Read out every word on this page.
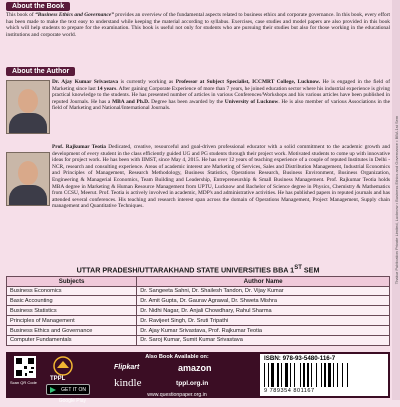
About the Book

This book of “Business Ethics and Governance” provides an overview of the fundamental aspects related to business ethics and corporate governance. In this book, every effort has been made to make the text easy to understand while keeping the material according to syllabus. Exercises, case studies and model papers are also provided in this book which will help students to prepare for the examination. This book is useful not only for students who are pursuing their studies but also for those working in the educational institutions and corporate world.

About the Author

Dr. Ajay Kumar Srivastava is currently working as Professor at Subject Specialist, ICCMRT College, Lucknow. He is engaged in the field of Marketing since last 14 years. After gaining Corporate Experience of more than 7 years, he joined education sector where his industrial experience is giving practical knowledge to the students. He has presented number of articles in various Conferences/Workshops and his various articles have been published in reputed Journals. He has a MBA and Ph.D. Degree has been awarded by the University of Lucknow. He is also member of various Associations in the field of Marketing and National/International Journals.

Prof. Rajkumar Teotia Dedicated, creative, resourceful and goal-driven professional educator with a solid commitment to the academic growth and development of every student in the class efficiently guided UG and PG students through their project work. Motivated students to come up with innovative ideas for project work. He has been with IIMST, since May 4, 2015. He has over 12 years of teaching experience of a couple of reputed Institutes in Delhi - NCR, research and consulting experience. Areas of academic interest are Marketing of Services, Sales and Distribution Management, Industrial Economics and Principles of Management, Research Methodology, Business Statistics, Operations Research, Business Environment, Business Organization, Engineering & Managerial Economics, Team Building and Leadership, Entrepreneurship & Small Business Management. Prof. Rajkumar Teotia holds MBA degree in Marketing & Human Resource Management from UPTU, Lucknow and Bachelor of Science degree in Physics, Chemistry & Mathematics from CCSU, Meerut. Prof. Teotia is actively involved in academic, MDP's and administrative activities. He has published papers in reputed journals and has attended several conferences. His teaching and research interest span across the domain of Operations Management, Project Management, Supply chain management and Quantitative Techniques.

UTTAR PRADESH/UTTARAKHAND STATE UNIVERSITIES BBA 1ST SEM
Subjects	Author Name
Business Economics	Dr. Sangeeta Sahni, Dr. Shailesh Tandon, Dr. Vijay Kumar
Basic Accounting	Dr. Amit Gupta, Dr. Gaurav Agrawal, Dr. Shweta Mishra
Business Statistics	Dr. Nidhi Nagar, Dr. Anjali Chowdhary, Rahul Sharma
Principles of Management	Dr. Ravijeet Singh, Dr. Sruti Tripathi
Business Ethics and Governance	Dr. Ajay Kumar Srivastava, Prof. Rajkumar Teotia
Computer Fundamentals	Dr. Saroj Kumar, Sumit Kumar Srivastava
Scan QR Code
TPPL
GET IT ON Google Play
Also Book Available on:
Flipkart	amazon
kindle	tppl.org.in
www.questionpaper.org.in
ISBN: 978-93-5480-116-7
9 789354 801167
Thakur Publication Private Limited, Lucknow • Business Ethics and Governance • BBA 1st Sem
